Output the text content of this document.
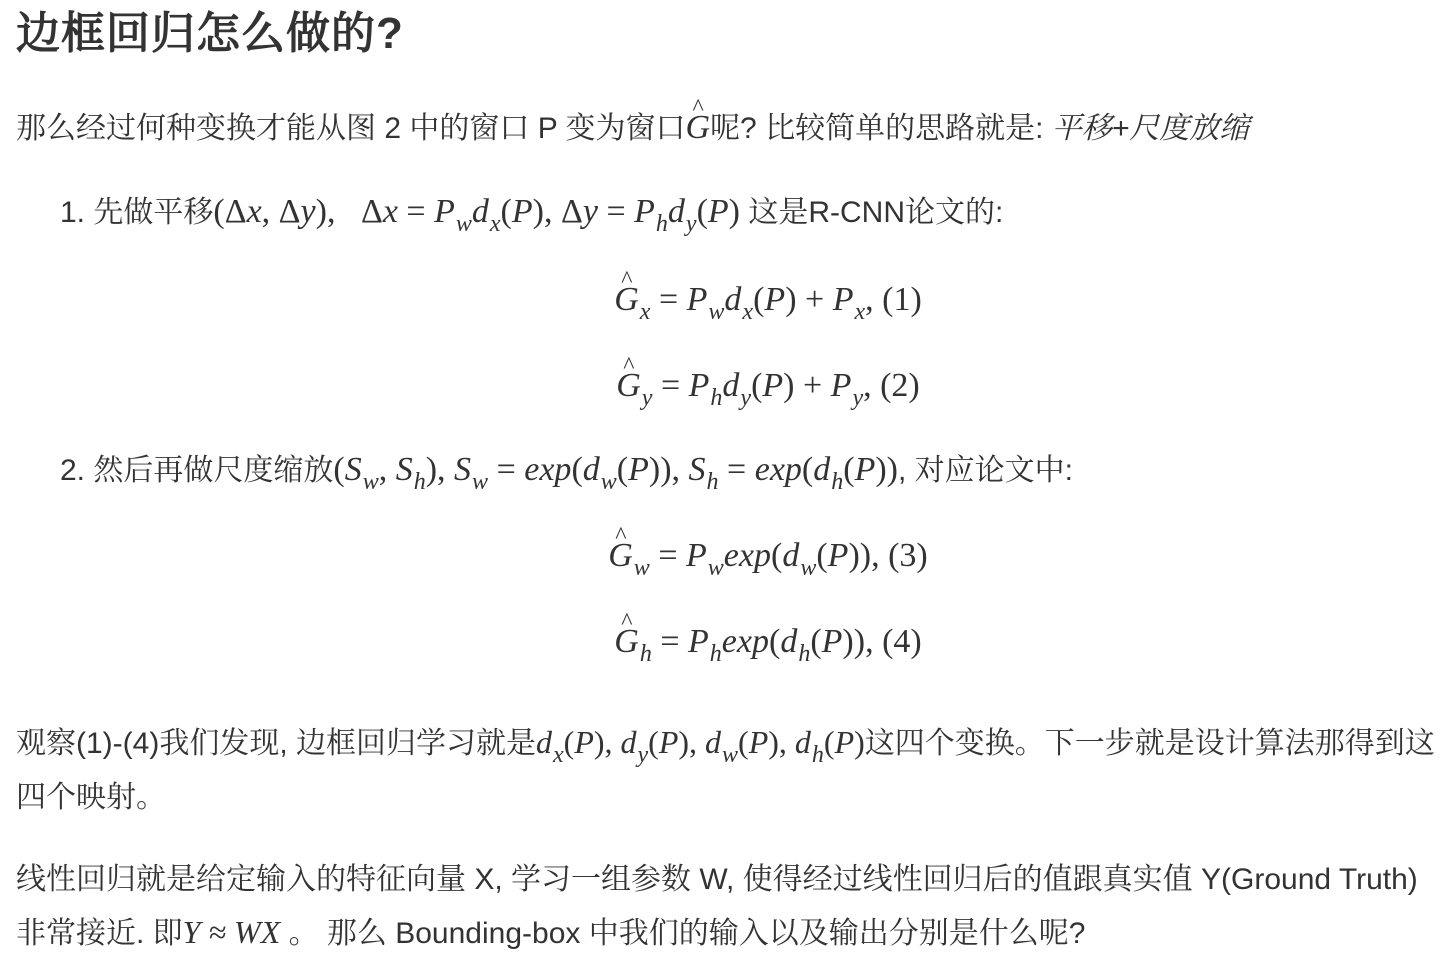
边框回归怎么做的?
那么经过何种变换才能从图 2 中的窗口 P 变为窗口^ G呢? 比较简单的思路就是: 平移+尺度放缩
1. 先做平移(Δx, Δy),   $\Delta x = P_wd_x(P)$, $\Delta y = P_hd_y(P)$ 这是R-CNN论文的:
^ $G_x = P_wd_x(P) + P_x$, (1)
^ $G_y = P_hd_y(P) + P_y$, (2)
2. 然后再做尺度缩放($S_w$, $S_h$), $S_w = \exp(d_w(P))$, $S_h = \exp(d_h(P))$, 对应论文中:
^ $G_w = P_w\exp(d_w(P))$, (3)
^ $G_h = P_h\exp(d_h(P))$, (4)
观察(1)-(4)我们发现, 边框回归学习就是$d_x(P)$, $d_y(P)$, $d_w(P)$, $d_h(P)$这四个变换。下一步就是设计算法那得到这四个映射。
线性回归就是给定输入的特征向量 X, 学习一组参数 W, 使得经过线性回归后的值跟真实值 Y(Ground Truth)非常接近. 即Y ≈ WX 。 那么 Bounding-box 中我们的输入以及输出分别是什么呢?
